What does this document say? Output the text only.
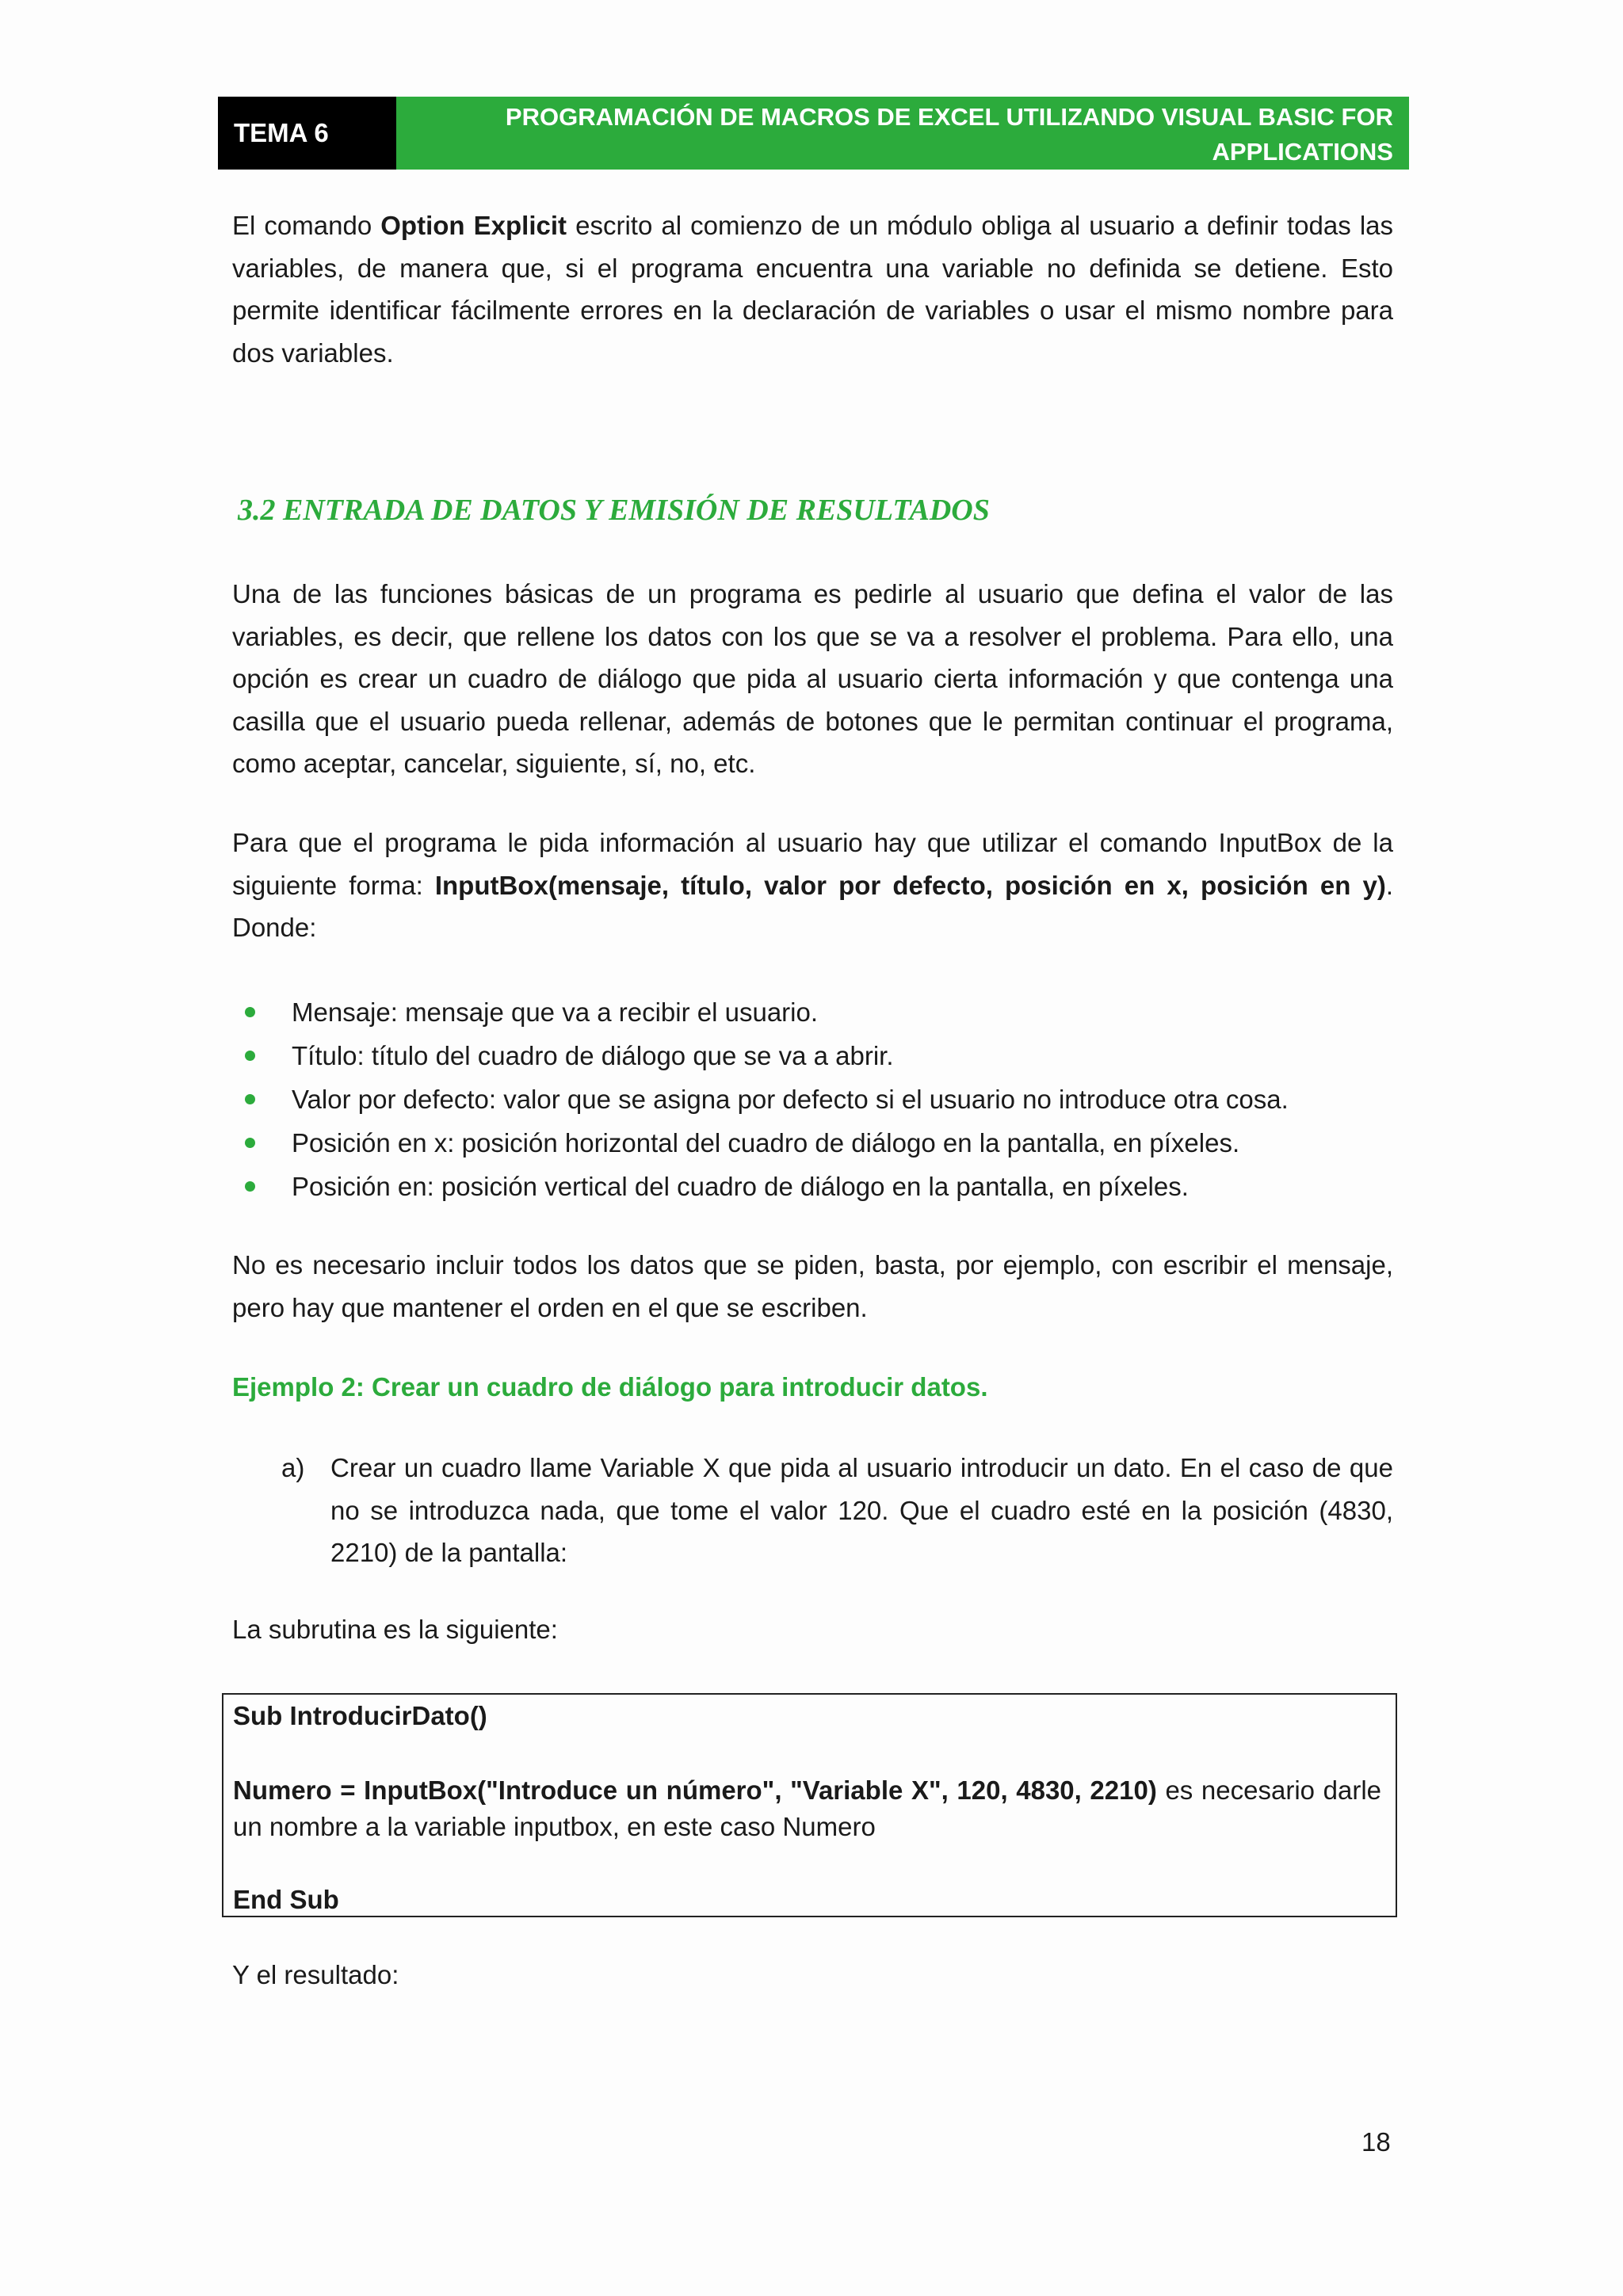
TEMA 6
PROGRAMACIÓN DE MACROS DE EXCEL UTILIZANDO VISUAL BASIC FOR
APPLICATIONS
El comando Option Explicit escrito al comienzo de un módulo obliga al usuario a definir todas las variables, de manera que, si el programa encuentra una variable no definida se detiene. Esto permite identificar fácilmente errores en la declaración de variables o usar el mismo nombre para dos variables.
3.2 ENTRADA DE DATOS Y EMISIÓN DE RESULTADOS
Una de las funciones básicas de un programa es pedirle al usuario que defina el valor de las variables, es decir, que rellene los datos con los que se va a resolver el problema. Para ello, una opción es crear un cuadro de diálogo que pida al usuario cierta información y que contenga una casilla que el usuario pueda rellenar, además de botones que le permitan continuar el programa, como aceptar, cancelar, siguiente, sí, no, etc.
Para que el programa le pida información al usuario hay que utilizar el comando InputBox de la siguiente forma: InputBox(mensaje, título, valor por defecto, posición en x, posición en y). Donde:
Mensaje: mensaje que va a recibir el usuario.
Título: título del cuadro de diálogo que se va a abrir.
Valor por defecto: valor que se asigna por defecto si el usuario no introduce otra cosa.
Posición en x: posición horizontal del cuadro de diálogo en la pantalla, en píxeles.
Posición en: posición vertical del cuadro de diálogo en la pantalla, en píxeles.
No es necesario incluir todos los datos que se piden, basta, por ejemplo, con escribir el mensaje, pero hay que mantener el orden en el que se escriben.
Ejemplo 2: Crear un cuadro de diálogo para introducir datos.
a) Crear un cuadro llame Variable X que pida al usuario introducir un dato. En el caso de que no se introduzca nada, que tome el valor 120. Que el cuadro esté en la posición (4830, 2210) de la pantalla:
La subrutina es la siguiente:
Sub IntroducirDato()
Numero = InputBox("Introduce un número", "Variable X", 120, 4830, 2210) es necesario darle un nombre a la variable inputbox, en este caso Numero
End Sub
Y el resultado:
18
